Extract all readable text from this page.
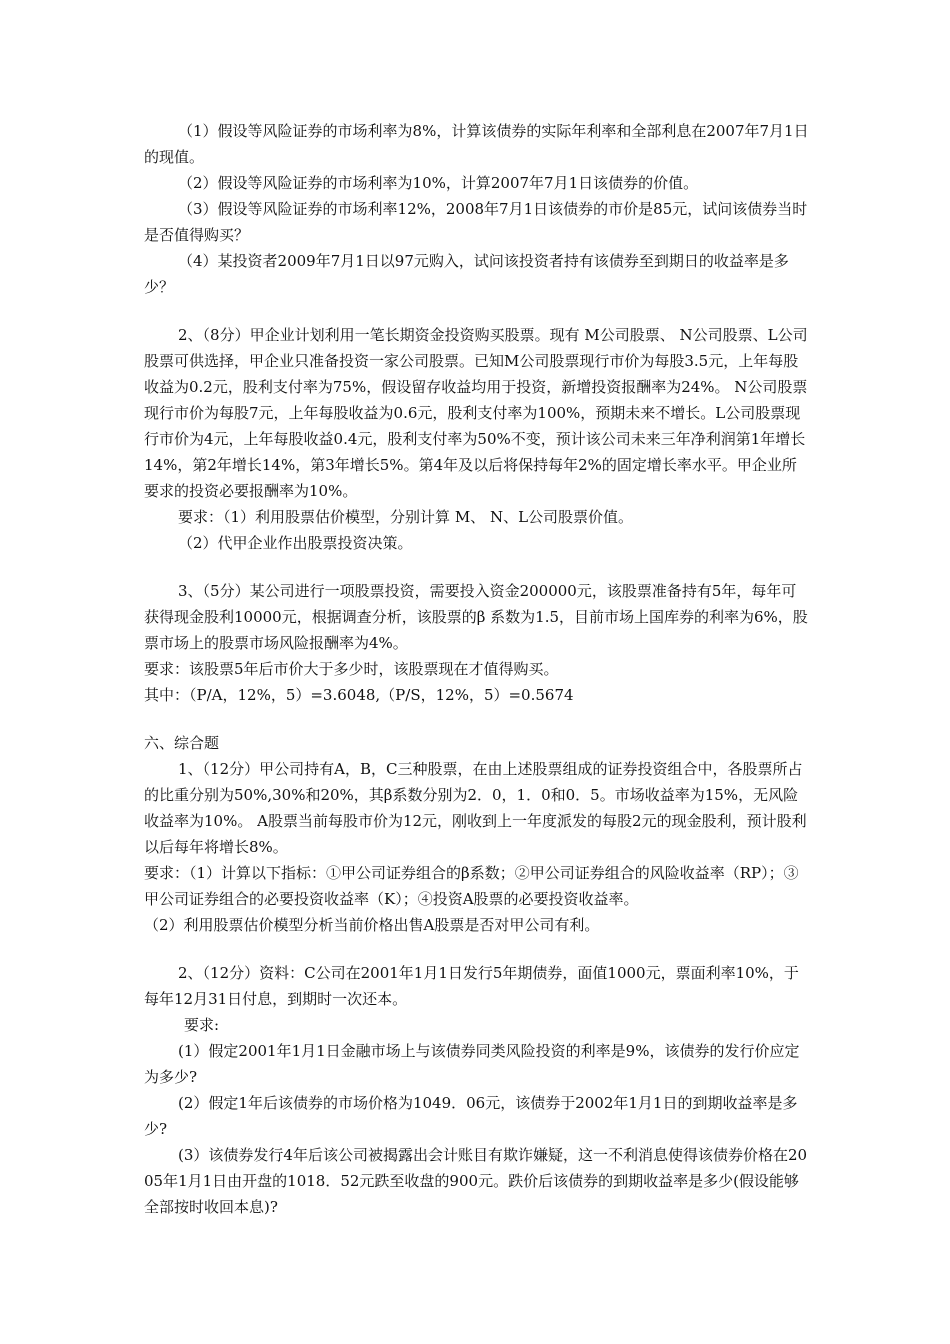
（1）假设等风险证券的市场利率为8%，计算该债券的实际年利率和全部利息在2007年7月1日的现值。

（2）假设等风险证券的市场利率为10%，计算2007年7月1日该债券的价值。

（3）假设等风险证券的市场利率12%，2008年7月1日该债券的市价是85元，试问该债券当时是否值得购买？

（4）某投资者2009年7月1日以97元购入，试问该投资者持有该债券至到期日的收益率是多少？

2、（8分）甲企业计划利用一笔长期资金投资购买股票。现有 M公司股票、 N公司股票、L公司股票可供选择，甲企业只准备投资一家公司股票。已知M公司股票现行市价为每股3.5元，上年每股收益为0.2元，股利支付率为75%，假设留存收益均用于投资，新增投资报酬率为24%。 N公司股票现行市价为每股7元，上年每股收益为0.6元，股利支付率为100%，预期未来不增长。L公司股票现行市价为4元，上年每股收益0.4元，股利支付率为50%不变，预计该公司未来三年净利润第1年增长14%，第2年增长14%，第3年增长5%。第4年及以后将保持每年2%的固定增长率水平。甲企业所要求的投资必要报酬率为10%。

要求：（1）利用股票估价模型，分别计算 M、 N、L公司股票价值。

（2）代甲企业作出股票投资决策。

3、（5分）某公司进行一项股票投资，需要投入资金200000元，该股票准备持有5年，每年可获得现金股利10000元，根据调查分析，该股票的β 系数为1.5，目前市场上国库券的利率为6%，股票市场上的股票市场风险报酬率为4%。

要求：该股票5年后市价大于多少时，该股票现在才值得购买。

其中：（P/A，12%，5）=3.6048,（P/S，12%，5）=0.5674

六、综合题

1、（12分）甲公司持有A，B，C三种股票，在由上述股票组成的证券投资组合中，各股票所占的比重分别为50%,30%和20%，其β系数分别为2．0，1．0和0．5。市场收益率为15%，无风险收益率为10%。 A股票当前每股市价为12元，刚收到上一年度派发的每股2元的现金股利，预计股利以后每年将增长8%。

要求：（1）计算以下指标：①甲公司证券组合的β系数；②甲公司证券组合的风险收益率（RP）；③甲公司证券组合的必要投资收益率（K）；④投资A股票的必要投资收益率。

（2）利用股票估价模型分析当前价格出售A股票是否对甲公司有利。

2、（12分）资料：C公司在2001年1月1日发行5年期债券，面值1000元，票面利率10%，于每年12月31日付息，到期时一次还本。

要求:

(1）假定2001年1月1日金融市场上与该债券同类风险投资的利率是9%，该债券的发行价应定为多少?

(2）假定1年后该债券的市场价格为1049．06元，该债券于2002年1月1日的到期收益率是多少?

(3）该债券发行4年后该公司被揭露出会计账目有欺诈嫌疑，这一不利消息使得该债券价格在2005年1月1日由开盘的1018．52元跌至收盘的900元。跌价后该债券的到期收益率是多少(假设能够全部按时收回本息)?
